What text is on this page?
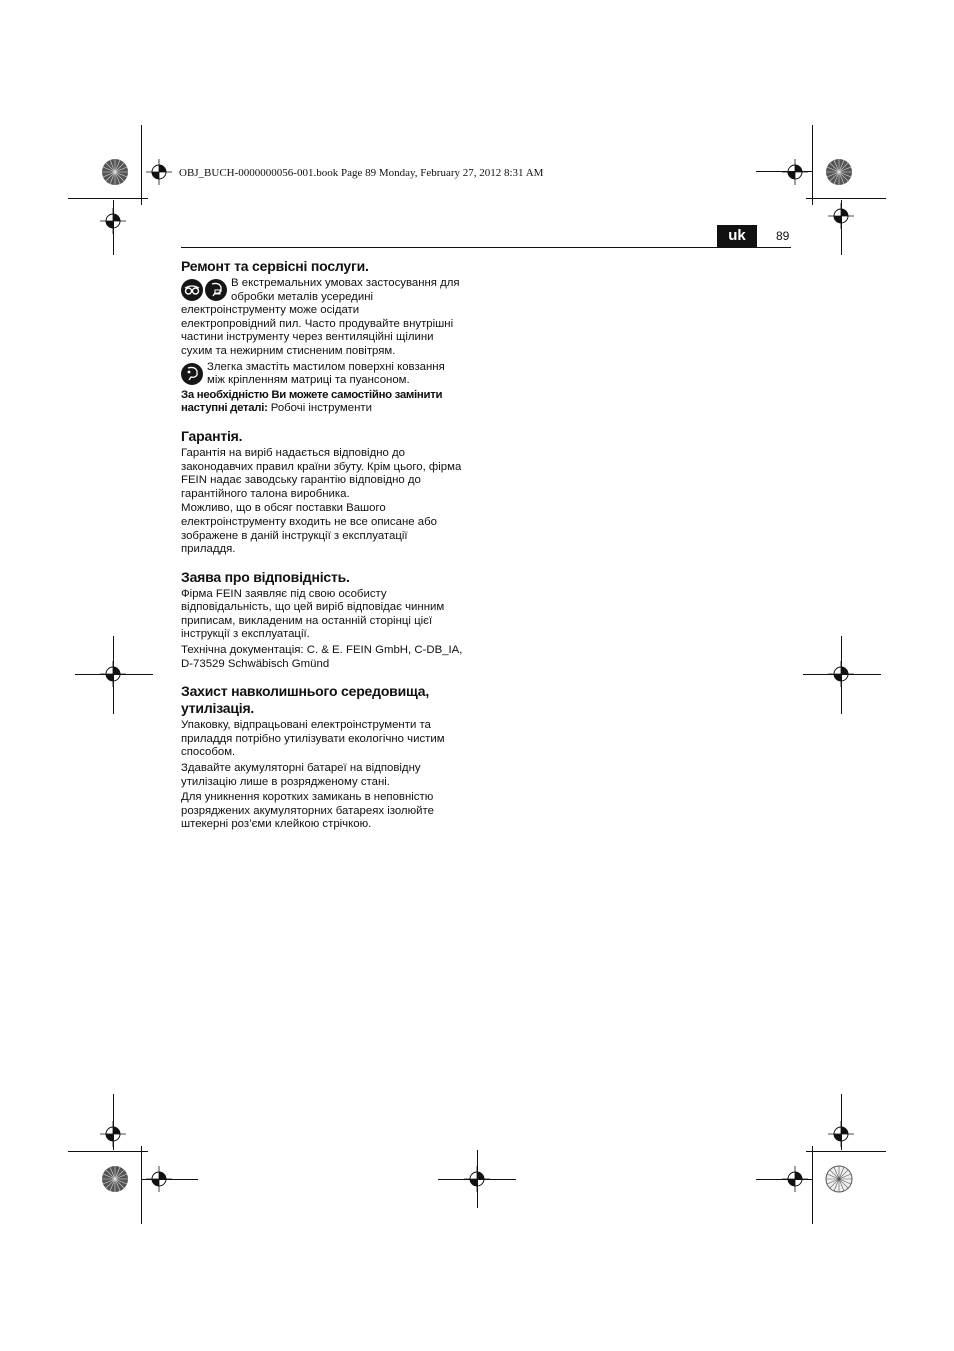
OBJ_BUCH-0000000056-001.book Page 89 Monday, February 27, 2012 8:31 AM
uk	89
Ремонт та сервісні послуги.

В екстремальних умовах застосування для
обробки металів усередині
електроінструменту може осідати

електропровідний пил. Часто продувайте внутрішні
частини інструменту через вентиляційні щілини
сухим та нежирним стисненим повітрям.

Злегка змастіть мастилом поверхні ковзання
між кріпленням матриці та пуансоном.

За необхідністю Ви можете самостійно замінити
наступні деталі: Робочі інструменти

Гарантія.

Гарантія на виріб надається відповідно до
законодавчих правил країни збуту. Крім цього, фірма
FEIN надає заводську гарантію відповідно до
гарантійного талона виробника.

Можливо, що в обсяг поставки Вашого
електроінструменту входить не все описане або
зображене в даній інструкції з експлуатації
приладдя.

Заява про відповідність.

Фірма FEIN заявляє під свою особисту
відповідальність, що цей виріб відповідає чинним
приписам, викладеним на останній сторінці цієї
інструкції з експлуатації.

Технічна документація: C. & E. FEIN GmbH, C-DB_IA,
D-73529 Schwäbisch Gmünd

Захист навколишнього середовища,
утилізація.

Упаковку, відпрацьовані електроінструменти та
приладдя потрібно утилізувати екологічно чистим
способом.

Здавайте акумуляторні батареї на відповідну
утилізацію лише в розрядженому стані.

Для уникнення коротких замикань в неповністю
розряджених акумуляторних батареях ізолюйте
штекерні роз’єми клейкою стрічкою.
